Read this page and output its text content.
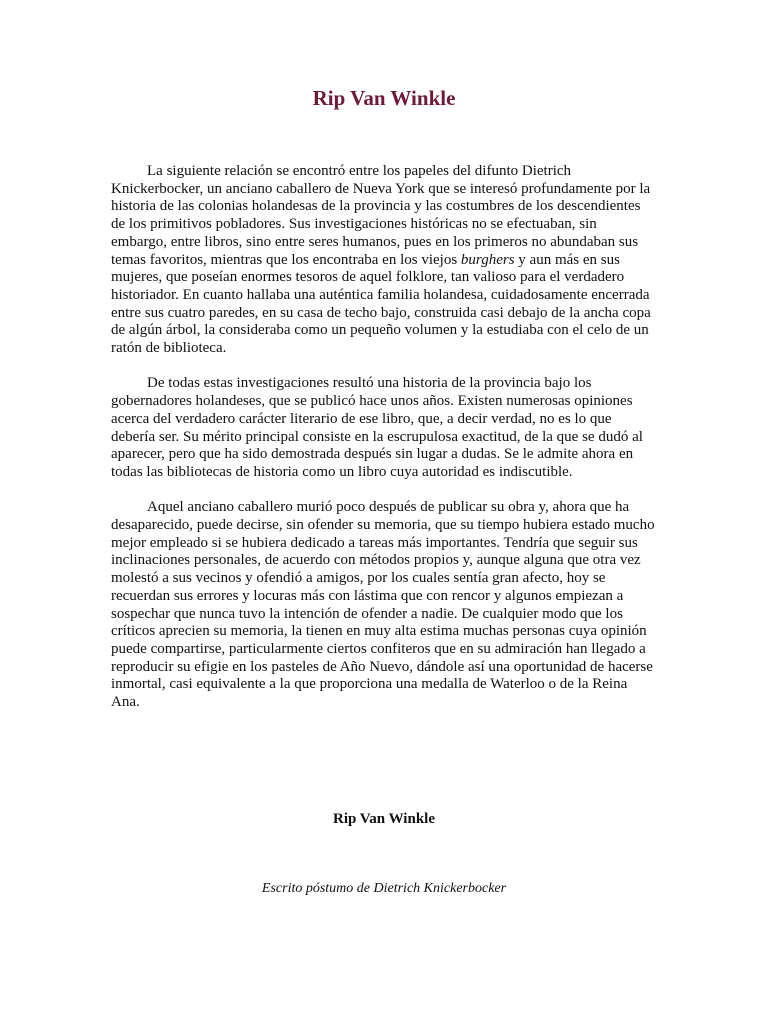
Rip Van Winkle

La siguiente relación se encontró entre los papeles del difunto Dietrich Knickerbocker, un anciano caballero de Nueva York que se interesó profundamente por la historia de las colonias holandesas de la provincia y las costumbres de los descendientes de los primitivos pobladores. Sus investigaciones históricas no se efectuaban, sin embargo, entre libros, sino entre seres humanos, pues en los primeros no abundaban sus temas favoritos, mientras que los encontraba en los viejos burghers y aun más en sus mujeres, que poseían enormes tesoros de aquel folklore, tan valioso para el verdadero historiador. En cuanto hallaba una auténtica familia holandesa, cuidadosamente encerrada entre sus cuatro paredes, en su casa de techo bajo, construida casi debajo de la ancha copa de algún árbol, la consideraba como un pequeño volumen y la estudiaba con el celo de un ratón de biblioteca.

De todas estas investigaciones resultó una historia de la provincia bajo los gobernadores holandeses, que se publicó hace unos años. Existen numerosas opiniones acerca del verdadero carácter literario de ese libro, que, a decir verdad, no es lo que debería ser. Su mérito principal consiste en la escrupulosa exactitud, de la que se dudó al aparecer, pero que ha sido demostrada después sin lugar a dudas. Se le admite ahora en todas las bibliotecas de historia como un libro cuya autoridad es indiscutible.

Aquel anciano caballero murió poco después de publicar su obra y, ahora que ha desaparecido, puede decirse, sin ofender su memoria, que su tiempo hubiera estado mucho mejor empleado si se hubiera dedicado a tareas más importantes. Tendría que seguir sus inclinaciones personales, de acuerdo con métodos propios y, aunque alguna que otra vez molestó a sus vecinos y ofendió a amigos, por los cuales sentía gran afecto, hoy se recuerdan sus errores y locuras más con lástima que con rencor y algunos empiezan a sospechar que nunca tuvo la intención de ofender a nadie. De cualquier modo que los críticos aprecien su memoria, la tienen en muy alta estima muchas personas cuya opinión puede compartirse, particularmente ciertos confiteros que en su admiración han llegado a reproducir su efigie en los pasteles de Año Nuevo, dándole así una oportunidad de hacerse inmortal, casi equivalente a la que proporciona una medalla de Waterloo o de la Reina Ana.

Rip Van Winkle

Escrito póstumo de Dietrich Knickerbocker
